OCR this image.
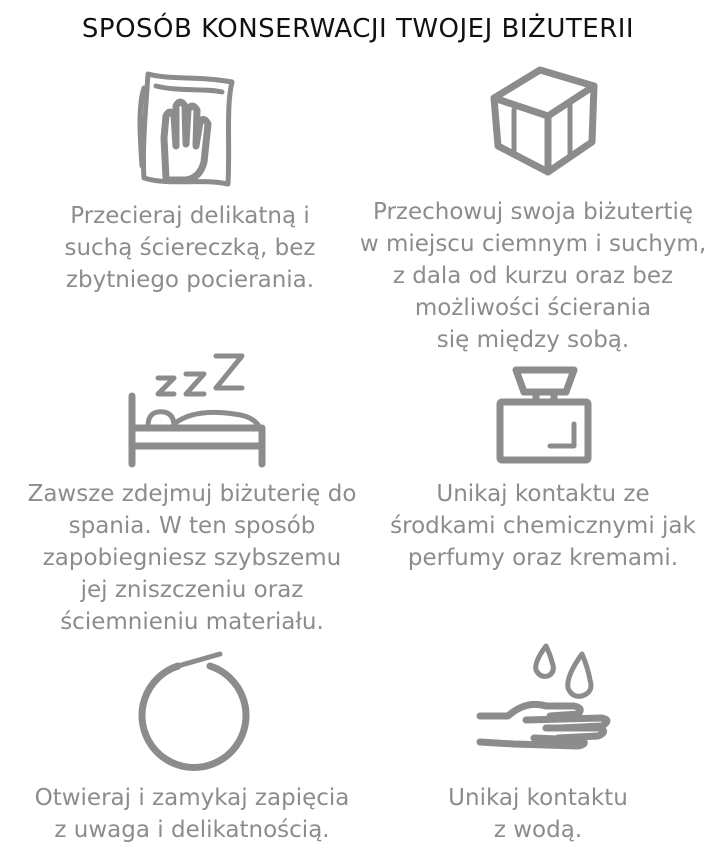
SPOSÓB KONSERWACJI TWOJEJ BIŻUTERII

Przecieraj delikatną i
suchą ściereczką, bez
zbytniego pocierania.

Przechowuj swoja biżutertię
w miejscu ciemnym i suchym,
z dala od kurzu oraz bez
możliwości ścierania
się między sobą.

Zawsze zdejmuj biżuterię do
spania. W ten sposób
zapobiegniesz szybszemu
jej zniszczeniu oraz
ściemnieniu materiału.

Unikaj kontaktu ze
środkami chemicznymi jak
perfumy oraz kremami.

Otwieraj i zamykaj zapięcia
z uwaga i delikatnością.

Unikaj kontaktu
z wodą.
